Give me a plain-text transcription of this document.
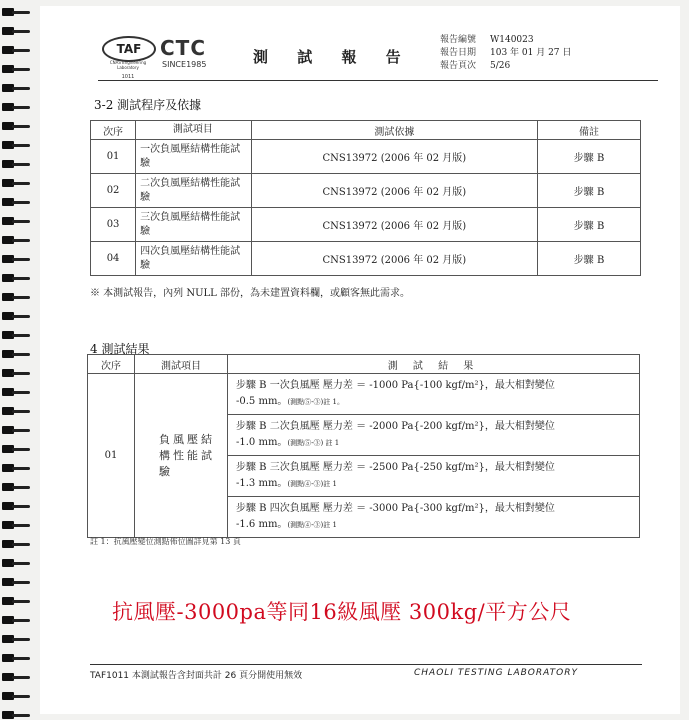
TAF
CNAS Engineering Laboratory
1011
CTC
SINCE1985	測 試 報 告
報告編號	W140023
報告日期	103 年 01 月 27 日
報告頁次	5/26
3-2 測試程序及依據
次序	測試項目	測試依據	備註
01	一次負風壓結構性能試驗	CNS13972 (2006 年 02 月版)	步驟 B
02	二次負風壓結構性能試驗	CNS13972 (2006 年 02 月版)	步驟 B
03	三次負風壓結構性能試驗	CNS13972 (2006 年 02 月版)	步驟 B
04	四次負風壓結構性能試驗	CNS13972 (2006 年 02 月版)	步驟 B
※ 本測試報告，內列 NULL 部份，為未建置資料欄，或顧客無此需求。
4 測試結果
次序	測試項目	測 試 結 果
01	負風壓結構性能試驗	步驟 B 一次負風壓 壓力差 ＝ -1000 Pa{-100 kgf/m²}，最大相對變位
-0.5 mm。(測點⑤-③)註 1。

		步驟 B 二次負風壓 壓力差 ＝ -2000 Pa{-200 kgf/m²}，最大相對變位
-1.0 mm。(測點⑤-③) 註 1

		步驟 B 三次負風壓 壓力差 ＝ -2500 Pa{-250 kgf/m²}，最大相對變位
-1.3 mm。(測點④-③)註 1

		步驟 B 四次負風壓 壓力差 ＝ -3000 Pa{-300 kgf/m²}，最大相對變位
-1.6 mm。(測點④-③)註 1
註 1：抗風壓變位測點佈位圖詳見第 13 頁
抗風壓-3000pa等同16級風壓 300kg/平方公尺
TAF1011 本測試報告含封面共計 26 頁分開使用無效	CHAOLI TESTING LABORATORY
